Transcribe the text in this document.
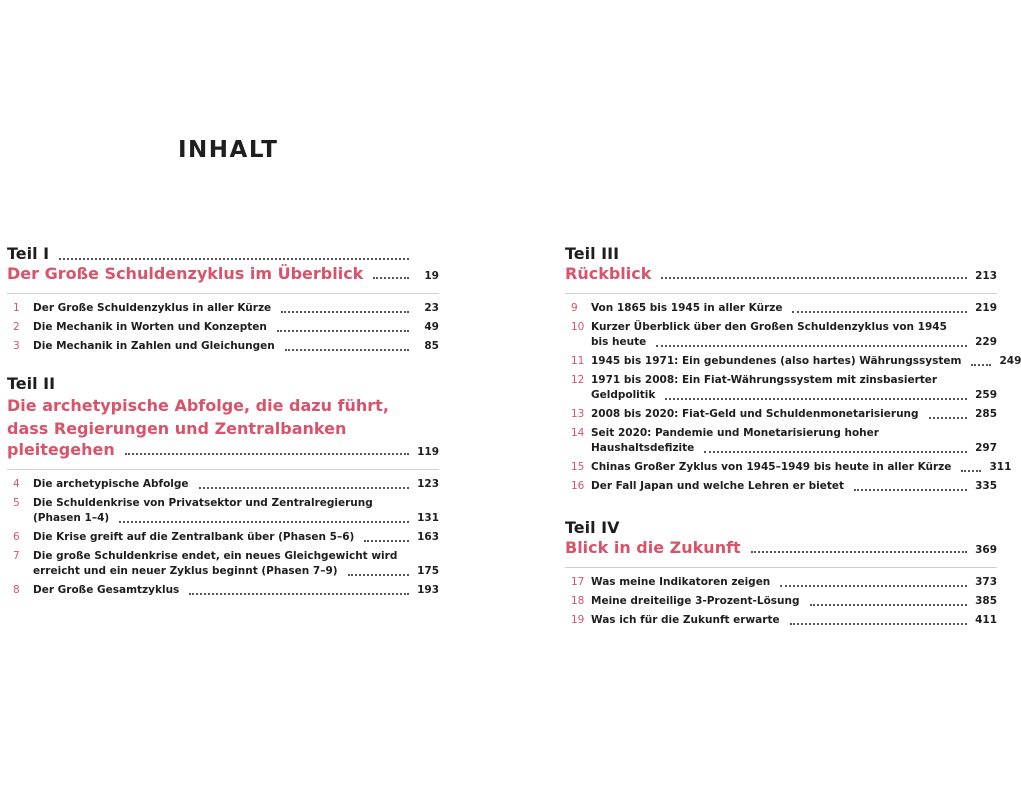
INHALT
Teil I
Der Große Schuldenzyklus im Überblick	19
1	Der Große Schuldenzyklus in aller Kürze	23
2	Die Mechanik in Worten und Konzepten	49
3	Die Mechanik in Zahlen und Gleichungen	85
Teil II
Die archetypische Abfolge, die dazu führt,
dass Regierungen und Zentralbanken
pleitegehen	119
4	Die archetypische Abfolge	123
5	Die Schuldenkrise von Privatsektor und Zentralregierung
(Phasen 1–4)	131
6	Die Krise greift auf die Zentralbank über (Phasen 5–6)	163
7	Die große Schuldenkrise endet, ein neues Gleichgewicht wird
erreicht und ein neuer Zyklus beginnt (Phasen 7–9)	175
8	Der Große Gesamtzyklus	193
Teil III
Rückblick	213
9	Von 1865 bis 1945 in aller Kürze	219
10 Kurzer Überblick über den Großen Schuldenzyklus von 1945
bis heute	229
11 1945 bis 1971: Ein gebundenes (also hartes) Währungssystem	249
12 1971 bis 2008: Ein Fiat-Währungssystem mit zinsbasierter
Geldpolitik	259
13 2008 bis 2020: Fiat-Geld und Schuldenmonetarisierung	285
14 Seit 2020: Pandemie und Monetarisierung hoher
Haushaltsdefizite	297
15 Chinas Großer Zyklus von 1945–1949 bis heute in aller Kürze	311
16 Der Fall Japan und welche Lehren er bietet	335
Teil IV
Blick in die Zukunft	369
17 Was meine Indikatoren zeigen	373
18 Meine dreiteilige 3-Prozent-Lösung	385
19 Was ich für die Zukunft erwarte	411
